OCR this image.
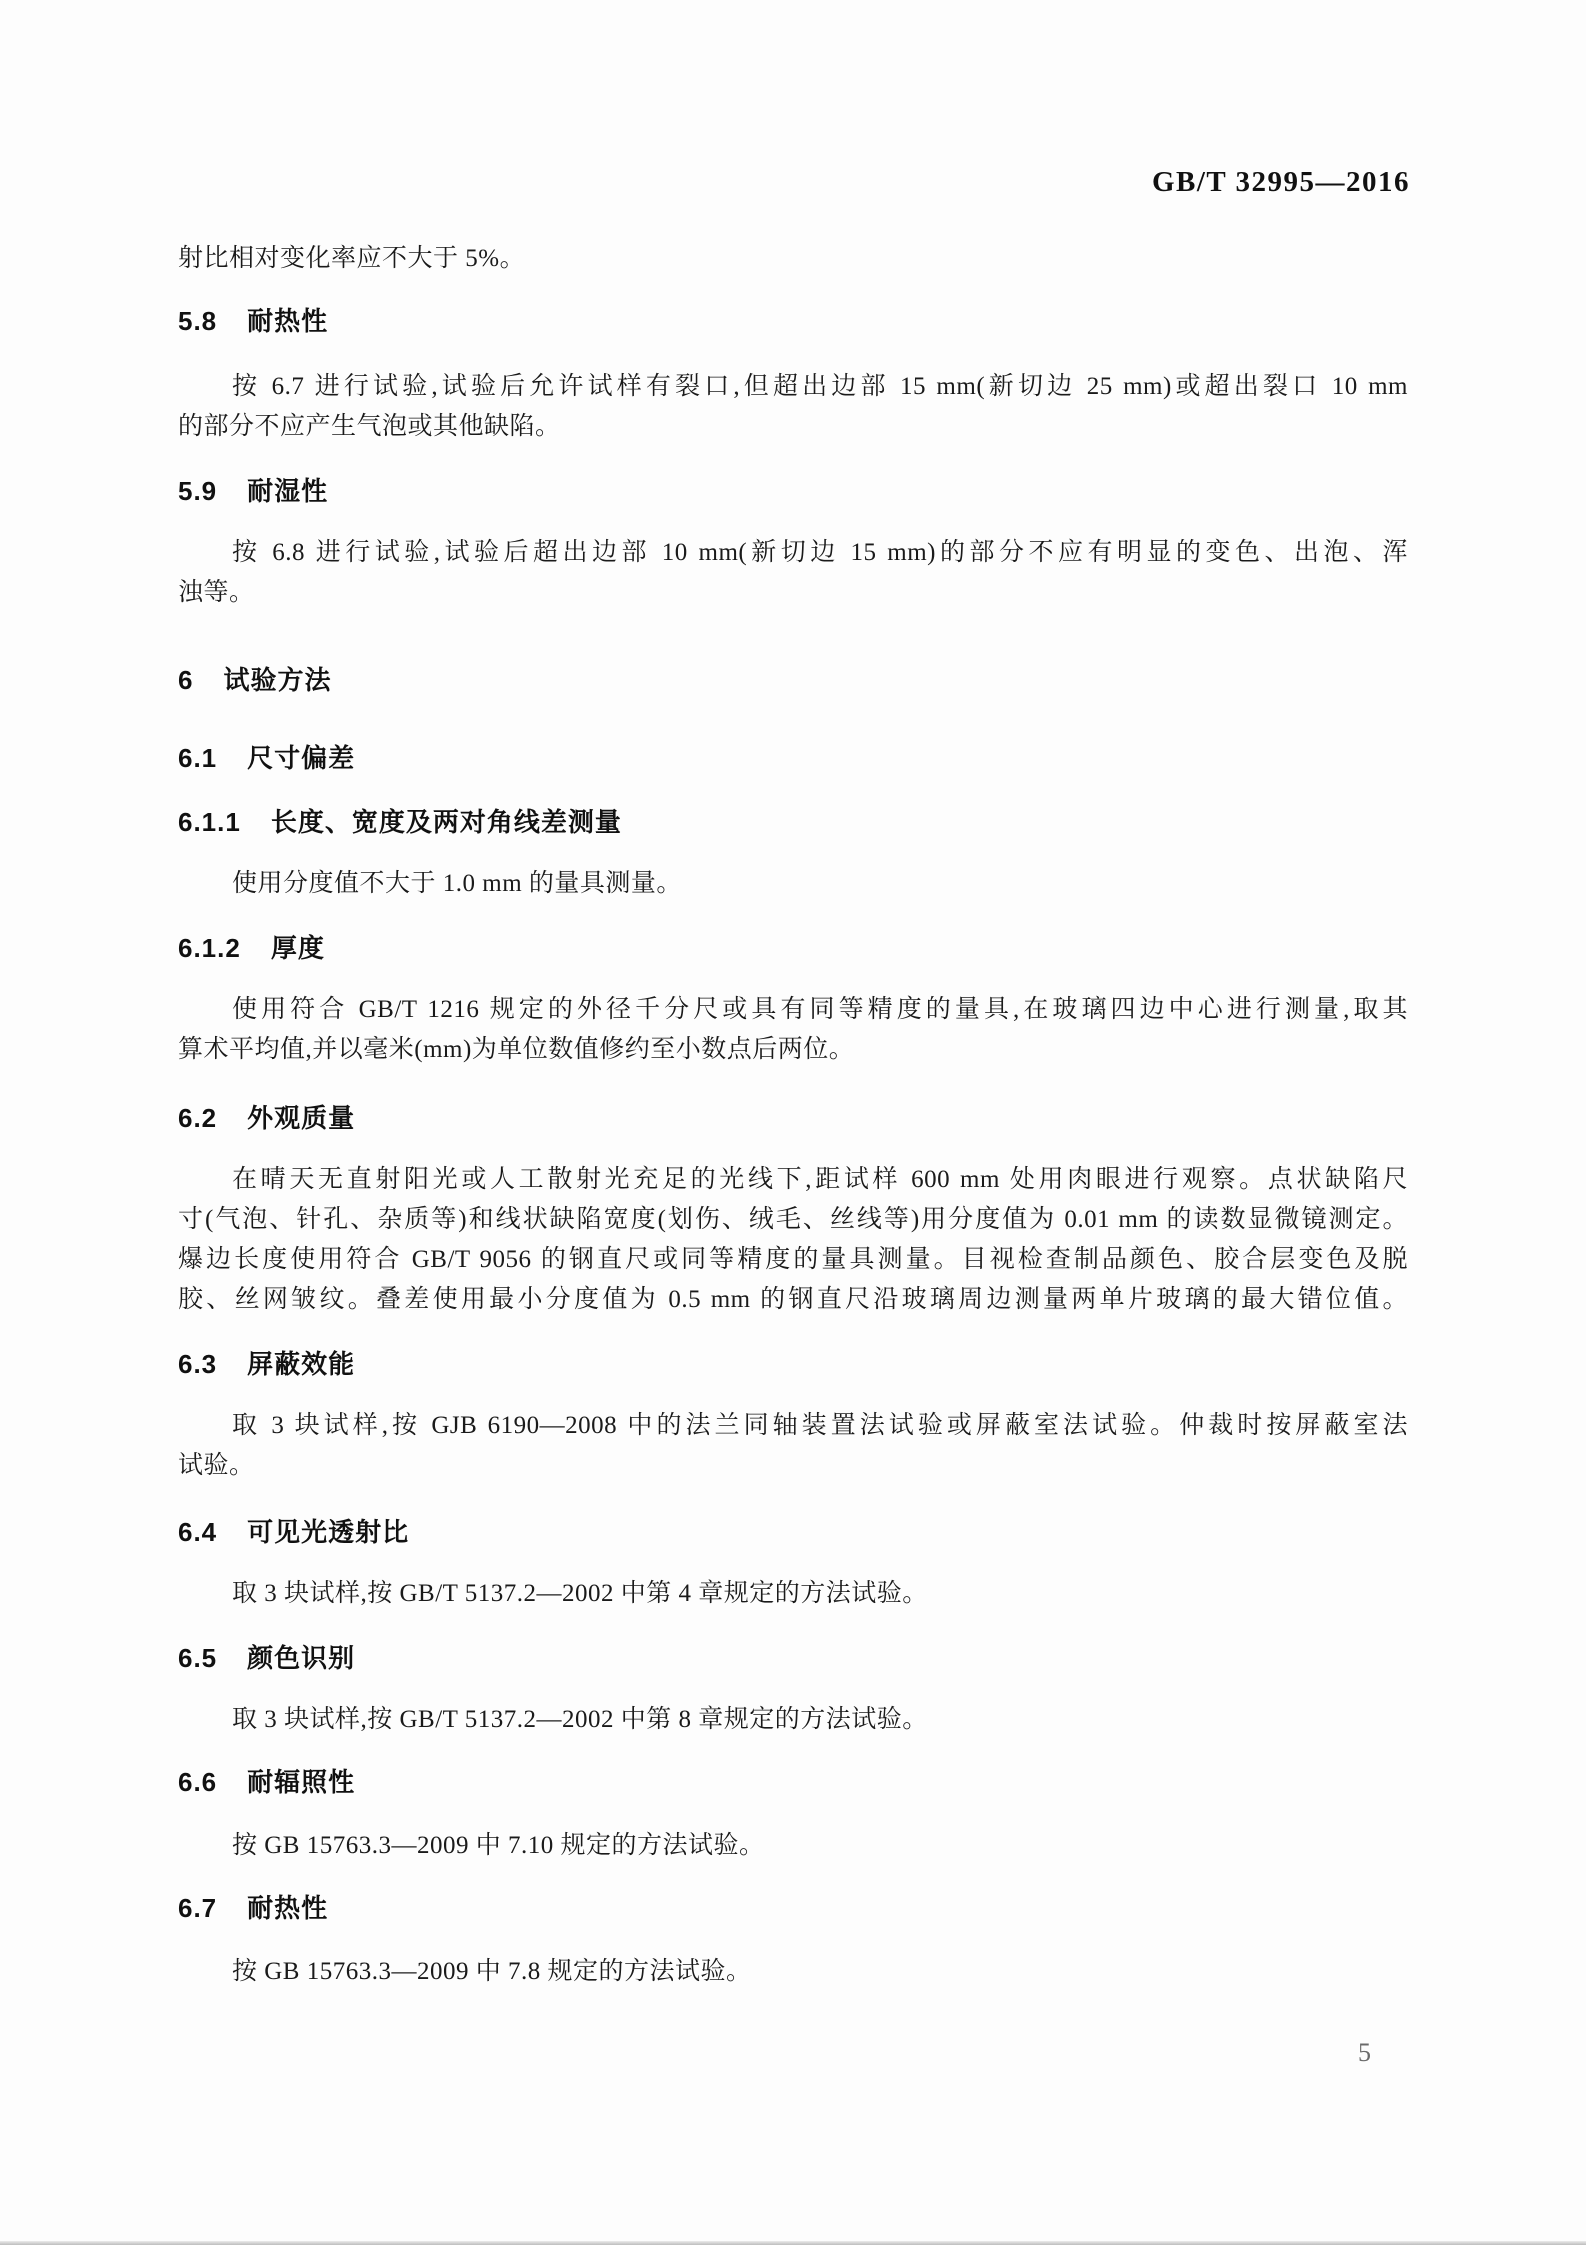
GB/T 32995—2016
射比相对变化率应不大于 5%。
5.8 耐热性
按 6.7 进行试验,试验后允许试样有裂口,但超出边部 15 mm(新切边 25 mm)或超出裂口 10 mm
的部分不应产生气泡或其他缺陷。
5.9 耐湿性
按 6.8 进行试验,试验后超出边部 10 mm(新切边 15 mm)的部分不应有明显的变色、出泡、浑
浊等。
6 试验方法
6.1 尺寸偏差
6.1.1 长度、宽度及两对角线差测量
使用分度值不大于 1.0 mm 的量具测量。
6.1.2 厚度
使用符合 GB/T 1216 规定的外径千分尺或具有同等精度的量具,在玻璃四边中心进行测量,取其
算术平均值,并以毫米(mm)为单位数值修约至小数点后两位。
6.2 外观质量
在晴天无直射阳光或人工散射光充足的光线下,距试样 600 mm 处用肉眼进行观察。点状缺陷尺
寸(气泡、针孔、杂质等)和线状缺陷宽度(划伤、绒毛、丝线等)用分度值为 0.01 mm 的读数显微镜测定。
爆边长度使用符合 GB/T 9056 的钢直尺或同等精度的量具测量。目视检查制品颜色、胶合层变色及脱
胶、丝网皱纹。叠差使用最小分度值为 0.5 mm 的钢直尺沿玻璃周边测量两单片玻璃的最大错位值。
6.3 屏蔽效能
取 3 块试样,按 GJB 6190—2008 中的法兰同轴装置法试验或屏蔽室法试验。仲裁时按屏蔽室法
试验。
6.4 可见光透射比
取 3 块试样,按 GB/T 5137.2—2002 中第 4 章规定的方法试验。
6.5 颜色识别
取 3 块试样,按 GB/T 5137.2—2002 中第 8 章规定的方法试验。
6.6 耐辐照性
按 GB 15763.3—2009 中 7.10 规定的方法试验。
6.7 耐热性
按 GB 15763.3—2009 中 7.8 规定的方法试验。
5
